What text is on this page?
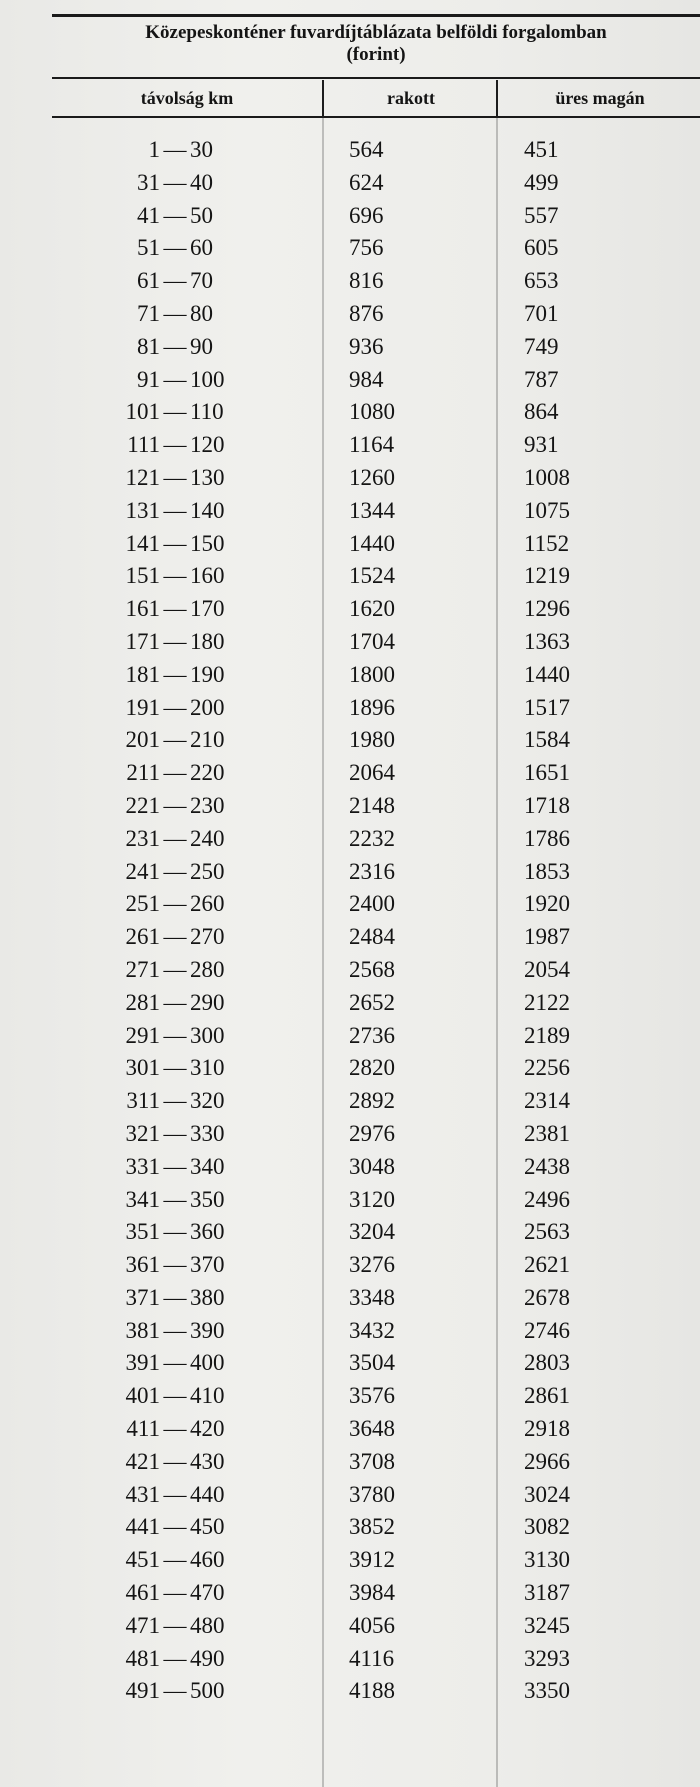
Közepeskonténer fuvardíjtáblázata belföldi forgalomban
(forint)
távolság km	rakott	üres magán
1 — 30	564	451
31 — 40	624	499
41 — 50	696	557
51 — 60	756	605
61 — 70	816	653
71 — 80	876	701
81 — 90	936	749
91 — 100	984	787
101 — 110	1080	864
111 — 120	1164	931
121 — 130	1260	1008
131 — 140	1344	1075
141 — 150	1440	1152
151 — 160	1524	1219
161 — 170	1620	1296
171 — 180	1704	1363
181 — 190	1800	1440
191 — 200	1896	1517
201 — 210	1980	1584
211 — 220	2064	1651
221 — 230	2148	1718
231 — 240	2232	1786
241 — 250	2316	1853
251 — 260	2400	1920
261 — 270	2484	1987
271 — 280	2568	2054
281 — 290	2652	2122
291 — 300	2736	2189
301 — 310	2820	2256
311 — 320	2892	2314
321 — 330	2976	2381
331 — 340	3048	2438
341 — 350	3120	2496
351 — 360	3204	2563
361 — 370	3276	2621
371 — 380	3348	2678
381 — 390	3432	2746
391 — 400	3504	2803
401 — 410	3576	2861
411 — 420	3648	2918
421 — 430	3708	2966
431 — 440	3780	3024
441 — 450	3852	3082
451 — 460	3912	3130
461 — 470	3984	3187
471 — 480	4056	3245
481 — 490	4116	3293
491 — 500	4188	3350
